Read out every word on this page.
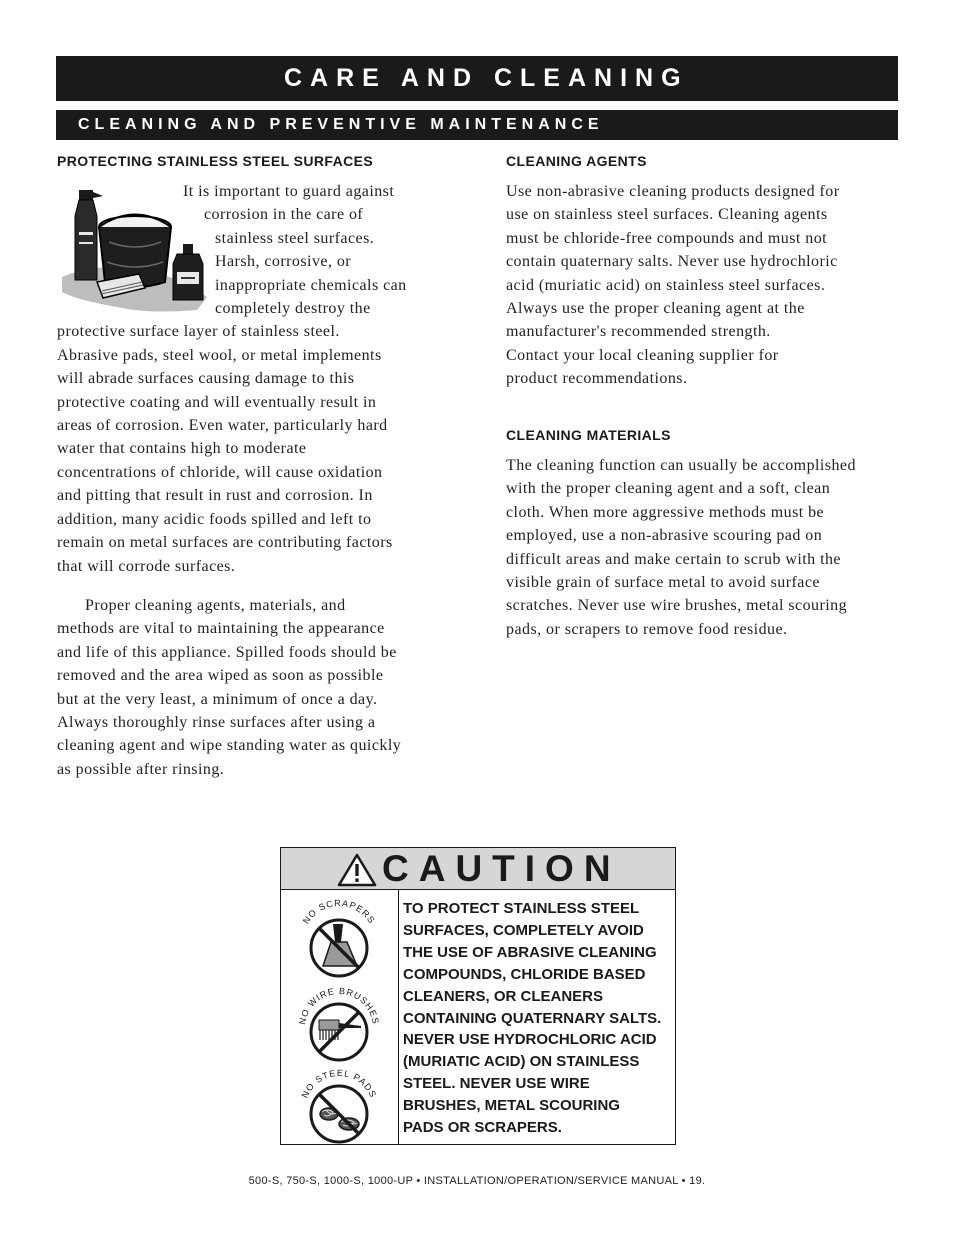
CARE AND CLEANING
CLEANING AND PREVENTIVE MAINTENANCE
PROTECTING STAINLESS STEEL SURFACES
It is important to guard against
corrosion in the care of
stainless steel surfaces.
Harsh, corrosive, or
inappropriate chemicals can
completely destroy the
protective surface layer of stainless steel.
Abrasive pads, steel wool, or metal implements
will abrade surfaces causing damage to this
protective coating and will eventually result in
areas of corrosion. Even water, particularly hard
water that contains high to moderate
concentrations of chloride, will cause oxidation
and pitting that result in rust and corrosion. In
addition, many acidic foods spilled and left to
remain on metal surfaces are contributing factors
that will corrode surfaces.
Proper cleaning agents, materials, and
methods are vital to maintaining the appearance
and life of this appliance. Spilled foods should be
removed and the area wiped as soon as possible
but at the very least, a minimum of once a day.
Always thoroughly rinse surfaces after using a
cleaning agent and wipe standing water as quickly
as possible after rinsing.
CLEANING AGENTS
Use non-abrasive cleaning products designed for
use on stainless steel surfaces. Cleaning agents
must be chloride-free compounds and must not
contain quaternary salts. Never use hydrochloric
acid (muriatic acid) on stainless steel surfaces.
Always use the proper cleaning agent at the
manufacturer's recommended strength.
Contact your local cleaning supplier for
product recommendations.
CLEANING MATERIALS
The cleaning function can usually be accomplished
with the proper cleaning agent and a soft, clean
cloth. When more aggressive methods must be
employed, use a non-abrasive scouring pad on
difficult areas and make certain to scrub with the
visible grain of surface metal to avoid surface
scratches. Never use wire brushes, metal scouring
pads, or scrapers to remove food residue.
CAUTION
NO SCRAPERS
NO WIRE BRUSHES
NO STEEL PADS
TO PROTECT STAINLESS STEEL
SURFACES, COMPLETELY AVOID
THE USE OF ABRASIVE CLEANING
COMPOUNDS, CHLORIDE BASED
CLEANERS, OR CLEANERS
CONTAINING QUATERNARY SALTS.
NEVER USE HYDROCHLORIC ACID
(MURIATIC ACID) ON STAINLESS
STEEL. NEVER USE WIRE
BRUSHES, METAL SCOURING
PADS OR SCRAPERS.
500-S, 750-S, 1000-S, 1000-UP • INSTALLATION/OPERATION/SERVICE MANUAL • 19.
